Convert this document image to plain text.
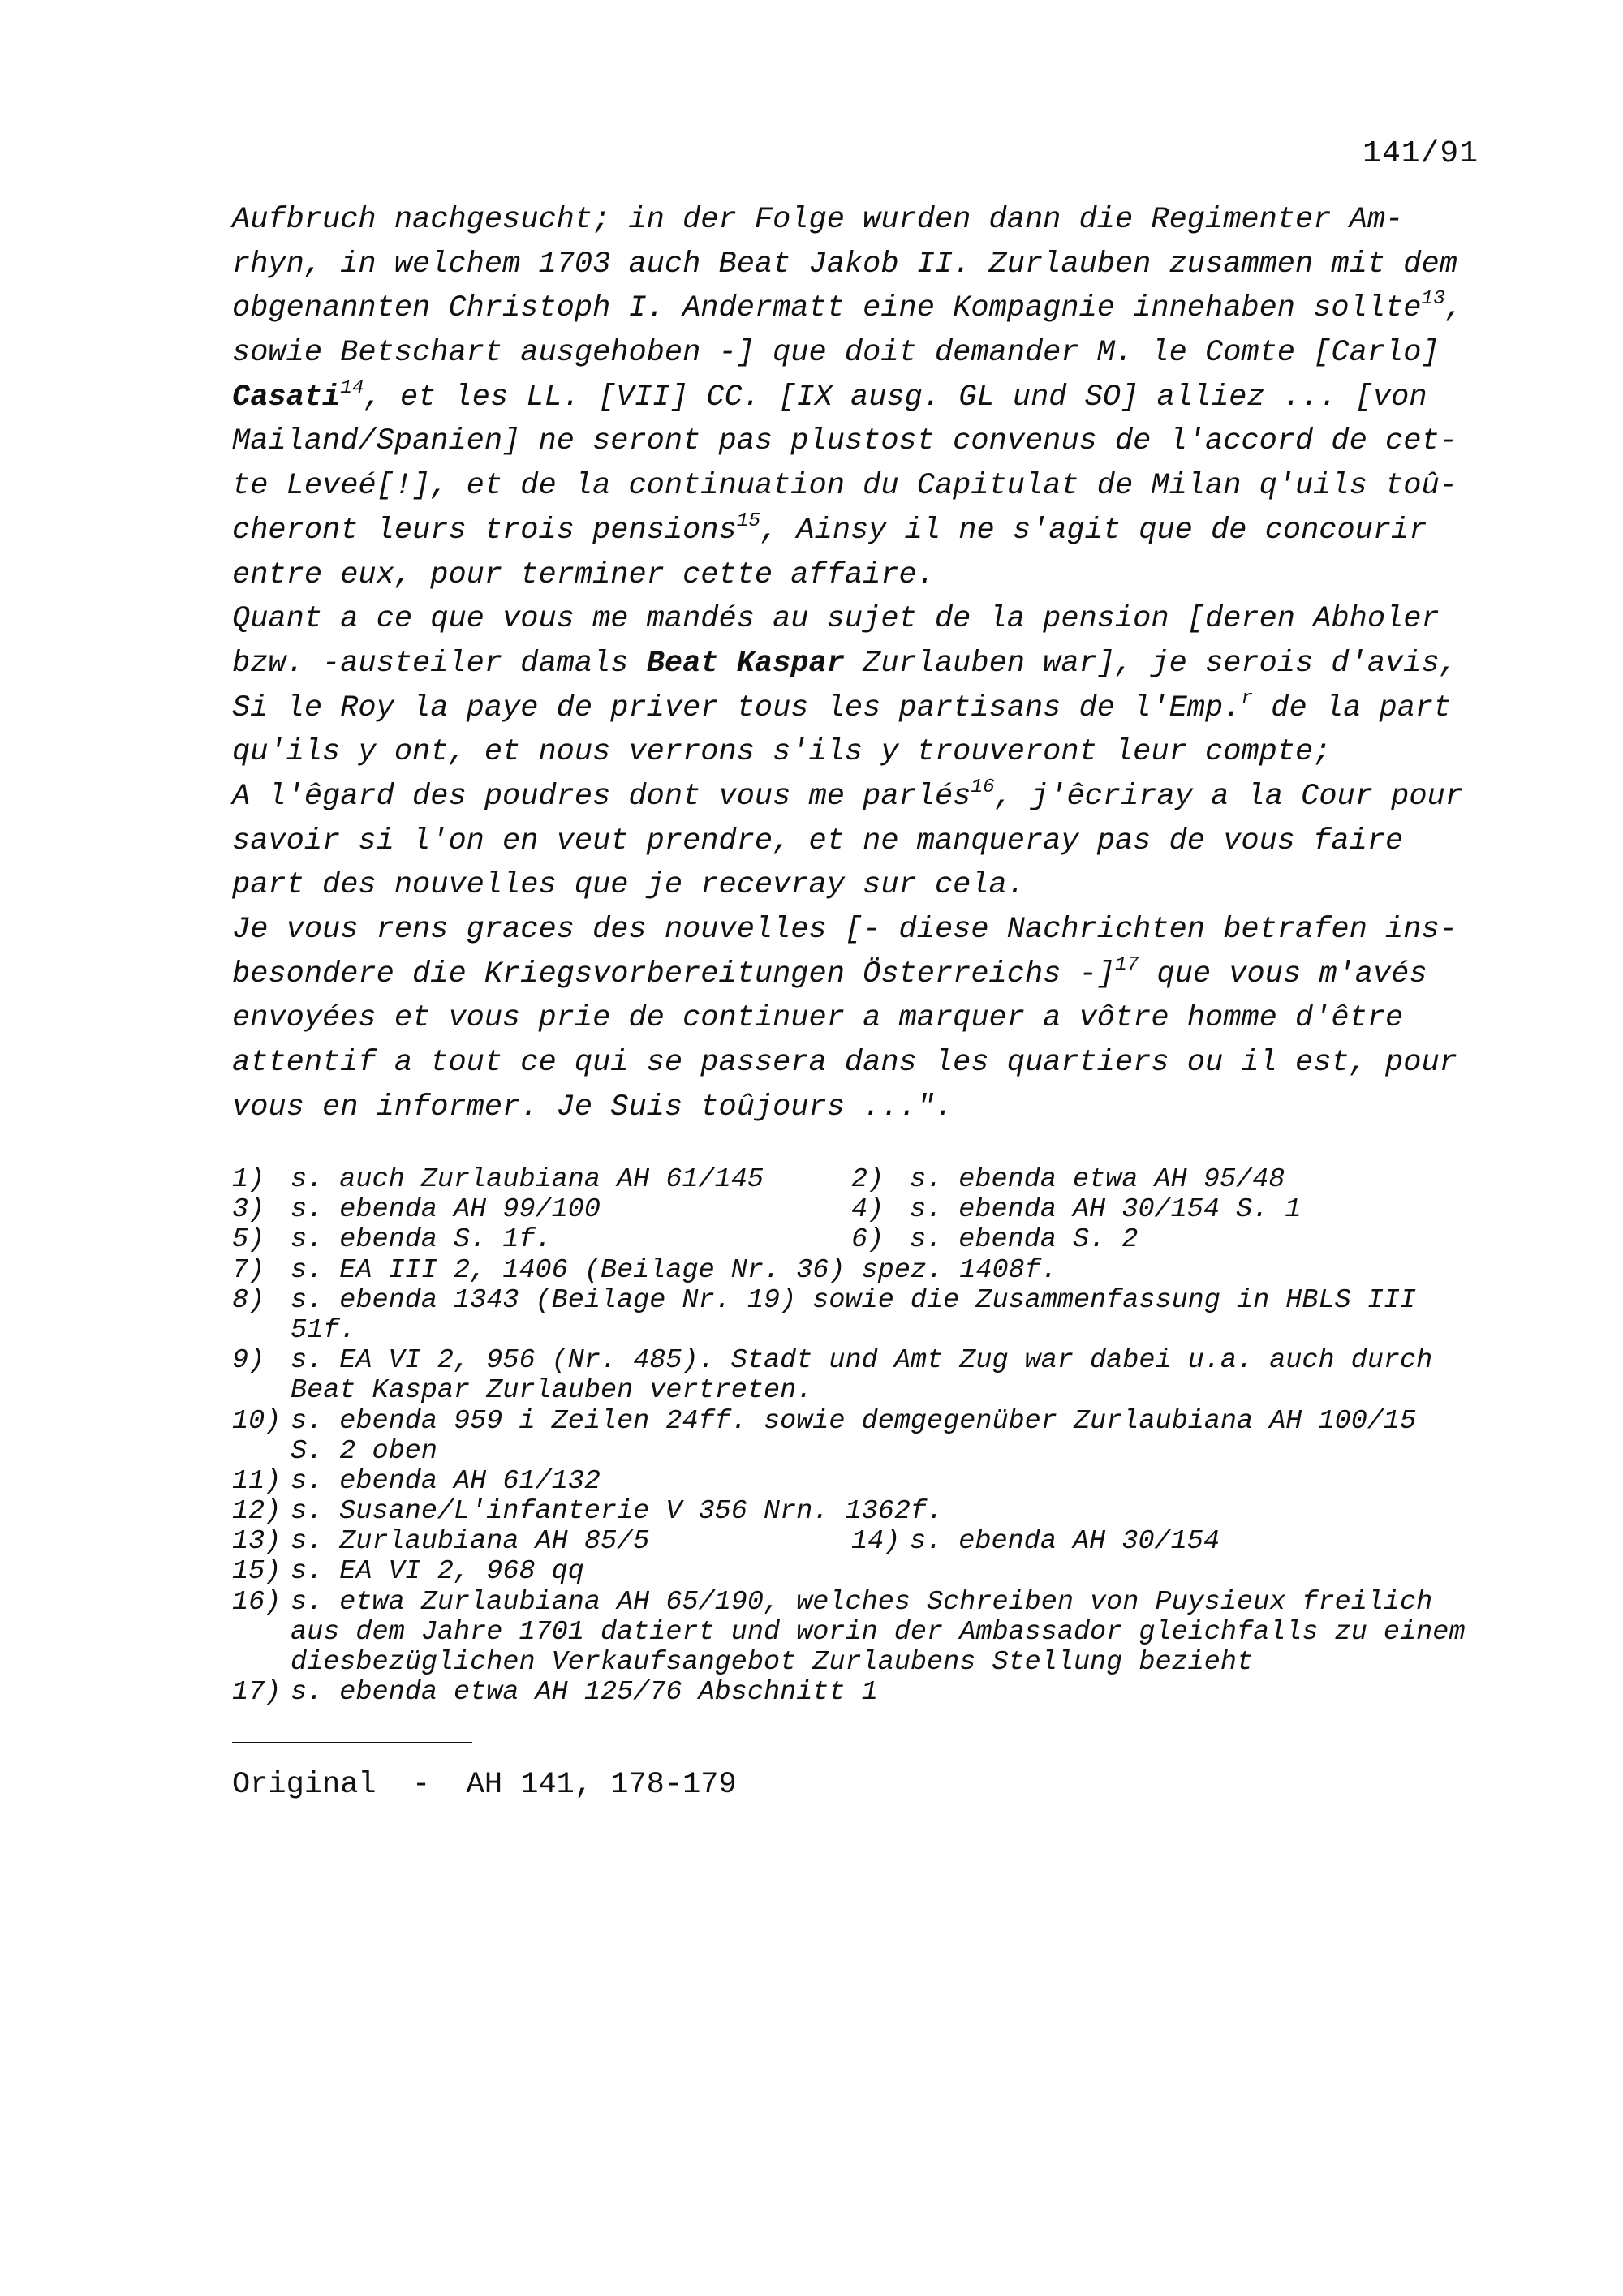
141/91
Aufbruch nachgesucht; in der Folge wurden dann die Regimenter Am-
rhyn, in welchem 1703 auch Beat Jakob II. Zurlauben zusammen mit dem
obgenannten Christoph I. Andermatt eine Kompagnie innehaben sollte$^{13}$,
sowie Betschart ausgehoben -] que doit demander M. le Comte [Carlo]
Casati$^{14}$, et les LL. [VII] CC. [IX ausg. GL und SO] alliez ... [von
Mailand/Spanien] ne seront pas plustost convenus de l'accord de cet-
te Leveé[!], et de la continuation du Capitulat de Milan q'uils toû-
cheront leurs trois pensions$^{15}$, Ainsy il ne s'agit que de concourir
entre eux, pour terminer cette affaire.
Quant a ce que vous me mandés au sujet de la pension [deren Abholer
bzw. -austeiler damals Beat Kaspar Zurlauben war], je serois d'avis,
Si le Roy la paye de priver tous les partisans de l'Emp.$^r$ de la part
qu'ils y ont, et nous verrons s'ils y trouveront leur compte;
A l'êgard des poudres dont vous me parlés$^{16}$, j'êcriray a la Cour pour
savoir si l'on en veut prendre, et ne manqueray pas de vous faire
part des nouvelles que je recevray sur cela.
Je vous rens graces des nouvelles [- diese Nachrichten betrafen ins-
besondere die Kriegsvorbereitungen Österreichs -]$^{17}$ que vous m'avés
envoyées et vous prie de continuer a marquer a vôtre homme d'être
attentif a tout ce qui se passera dans les quartiers ou il est, pour
vous en informer. Je Suis toûjours ...".
1) s. auch Zurlaubiana AH 61/145	2) s. ebenda etwa AH 95/48
3) s. ebenda AH 99/100	4) s. ebenda AH 30/154 S. 1
5) s. ebenda S. 1f.	6) s. ebenda S. 2
7) s. EA III 2, 1406 (Beilage Nr. 36) spez. 1408f.
8) s. ebenda 1343 (Beilage Nr. 19) sowie die Zusammenfassung in HBLS III
51f.
9) s. EA VI 2, 956 (Nr. 485). Stadt und Amt Zug war dabei u.a. auch durch
Beat Kaspar Zurlauben vertreten.
10) s. ebenda 959 i Zeilen 24ff. sowie demgegenüber Zurlaubiana AH 100/15
S. 2 oben
11) s. ebenda AH 61/132
12) s. Susane/L'infanterie V 356 Nrn. 1362f.
13) s. Zurlaubiana AH 85/5	14) s. ebenda AH 30/154
15) s. EA VI 2, 968 qq
16) s. etwa Zurlaubiana AH 65/190, welches Schreiben von Puysieux freilich
aus dem Jahre 1701 datiert und worin der Ambassador gleichfalls zu einem
diesbezüglichen Verkaufsangebot Zurlaubens Stellung bezieht
17) s. ebenda etwa AH 125/76 Abschnitt 1
Original  -  AH 141, 178-179
